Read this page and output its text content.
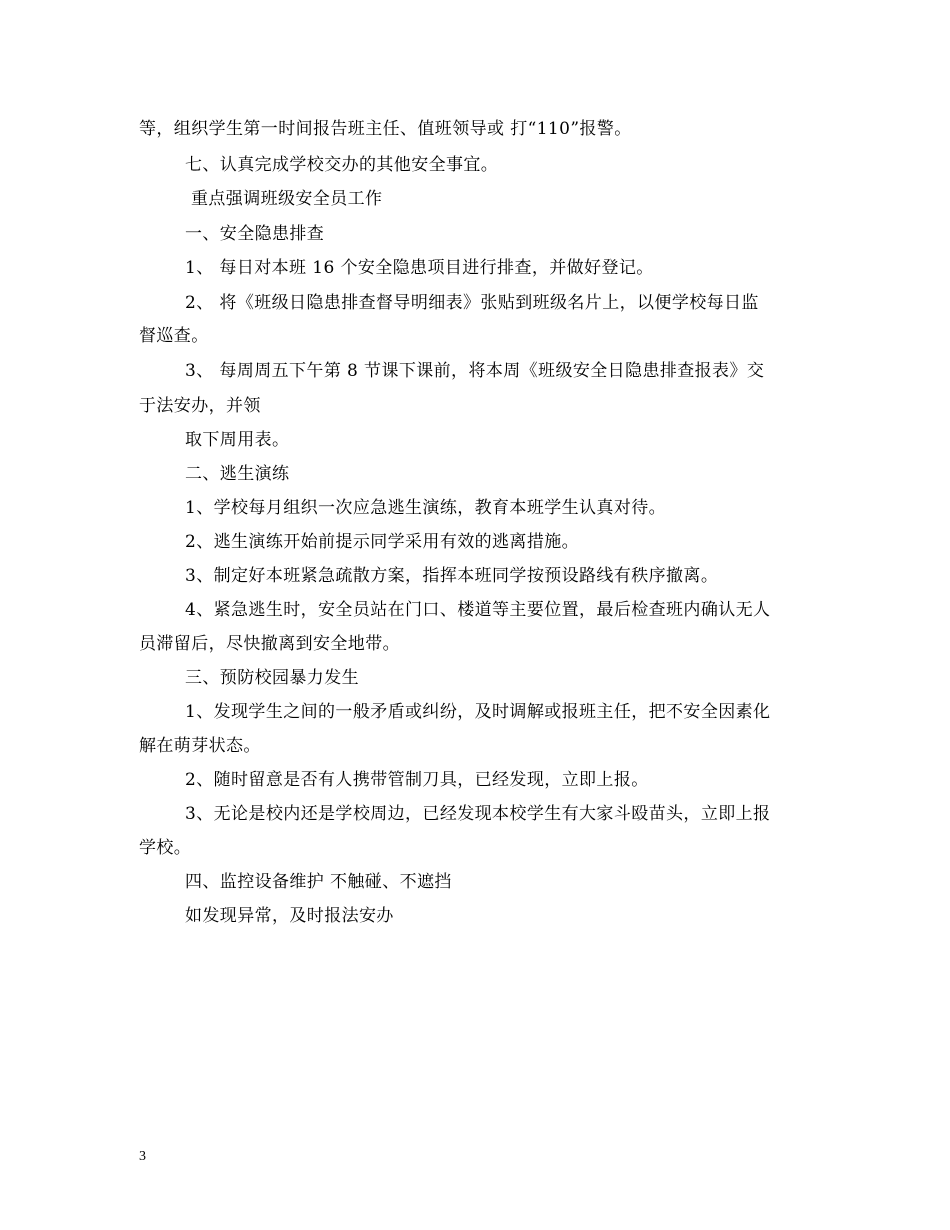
等，组织学生第一时间报告班主任、值班领导或 打“110”报警。
七、认真完成学校交办的其他安全事宜。
重点强调班级安全员工作
一、安全隐患排查
1、 每日对本班 16 个安全隐患项目进行排查，并做好登记。
2、 将《班级日隐患排查督导明细表》张贴到班级名片上，以便学校每日监
督巡查。
3、 每周周五下午第 8 节课下课前，将本周《班级安全日隐患排查报表》交
于法安办，并领
取下周用表。
二、逃生演练
1、学校每月组织一次应急逃生演练，教育本班学生认真对待。
2、逃生演练开始前提示同学采用有效的逃离措施。
3、制定好本班紧急疏散方案，指挥本班同学按预设路线有秩序撤离。
4、紧急逃生时，安全员站在门口、楼道等主要位置，最后检查班内确认无人
员滞留后，尽快撤离到安全地带。
三、预防校园暴力发生
1、发现学生之间的一般矛盾或纠纷，及时调解或报班主任，把不安全因素化
解在萌芽状态。
2、随时留意是否有人携带管制刀具，已经发现，立即上报。
3、无论是校内还是学校周边，已经发现本校学生有大家斗殴苗头，立即上报
学校。
四、监控设备维护 不触碰、不遮挡
如发现异常，及时报法安办
3
